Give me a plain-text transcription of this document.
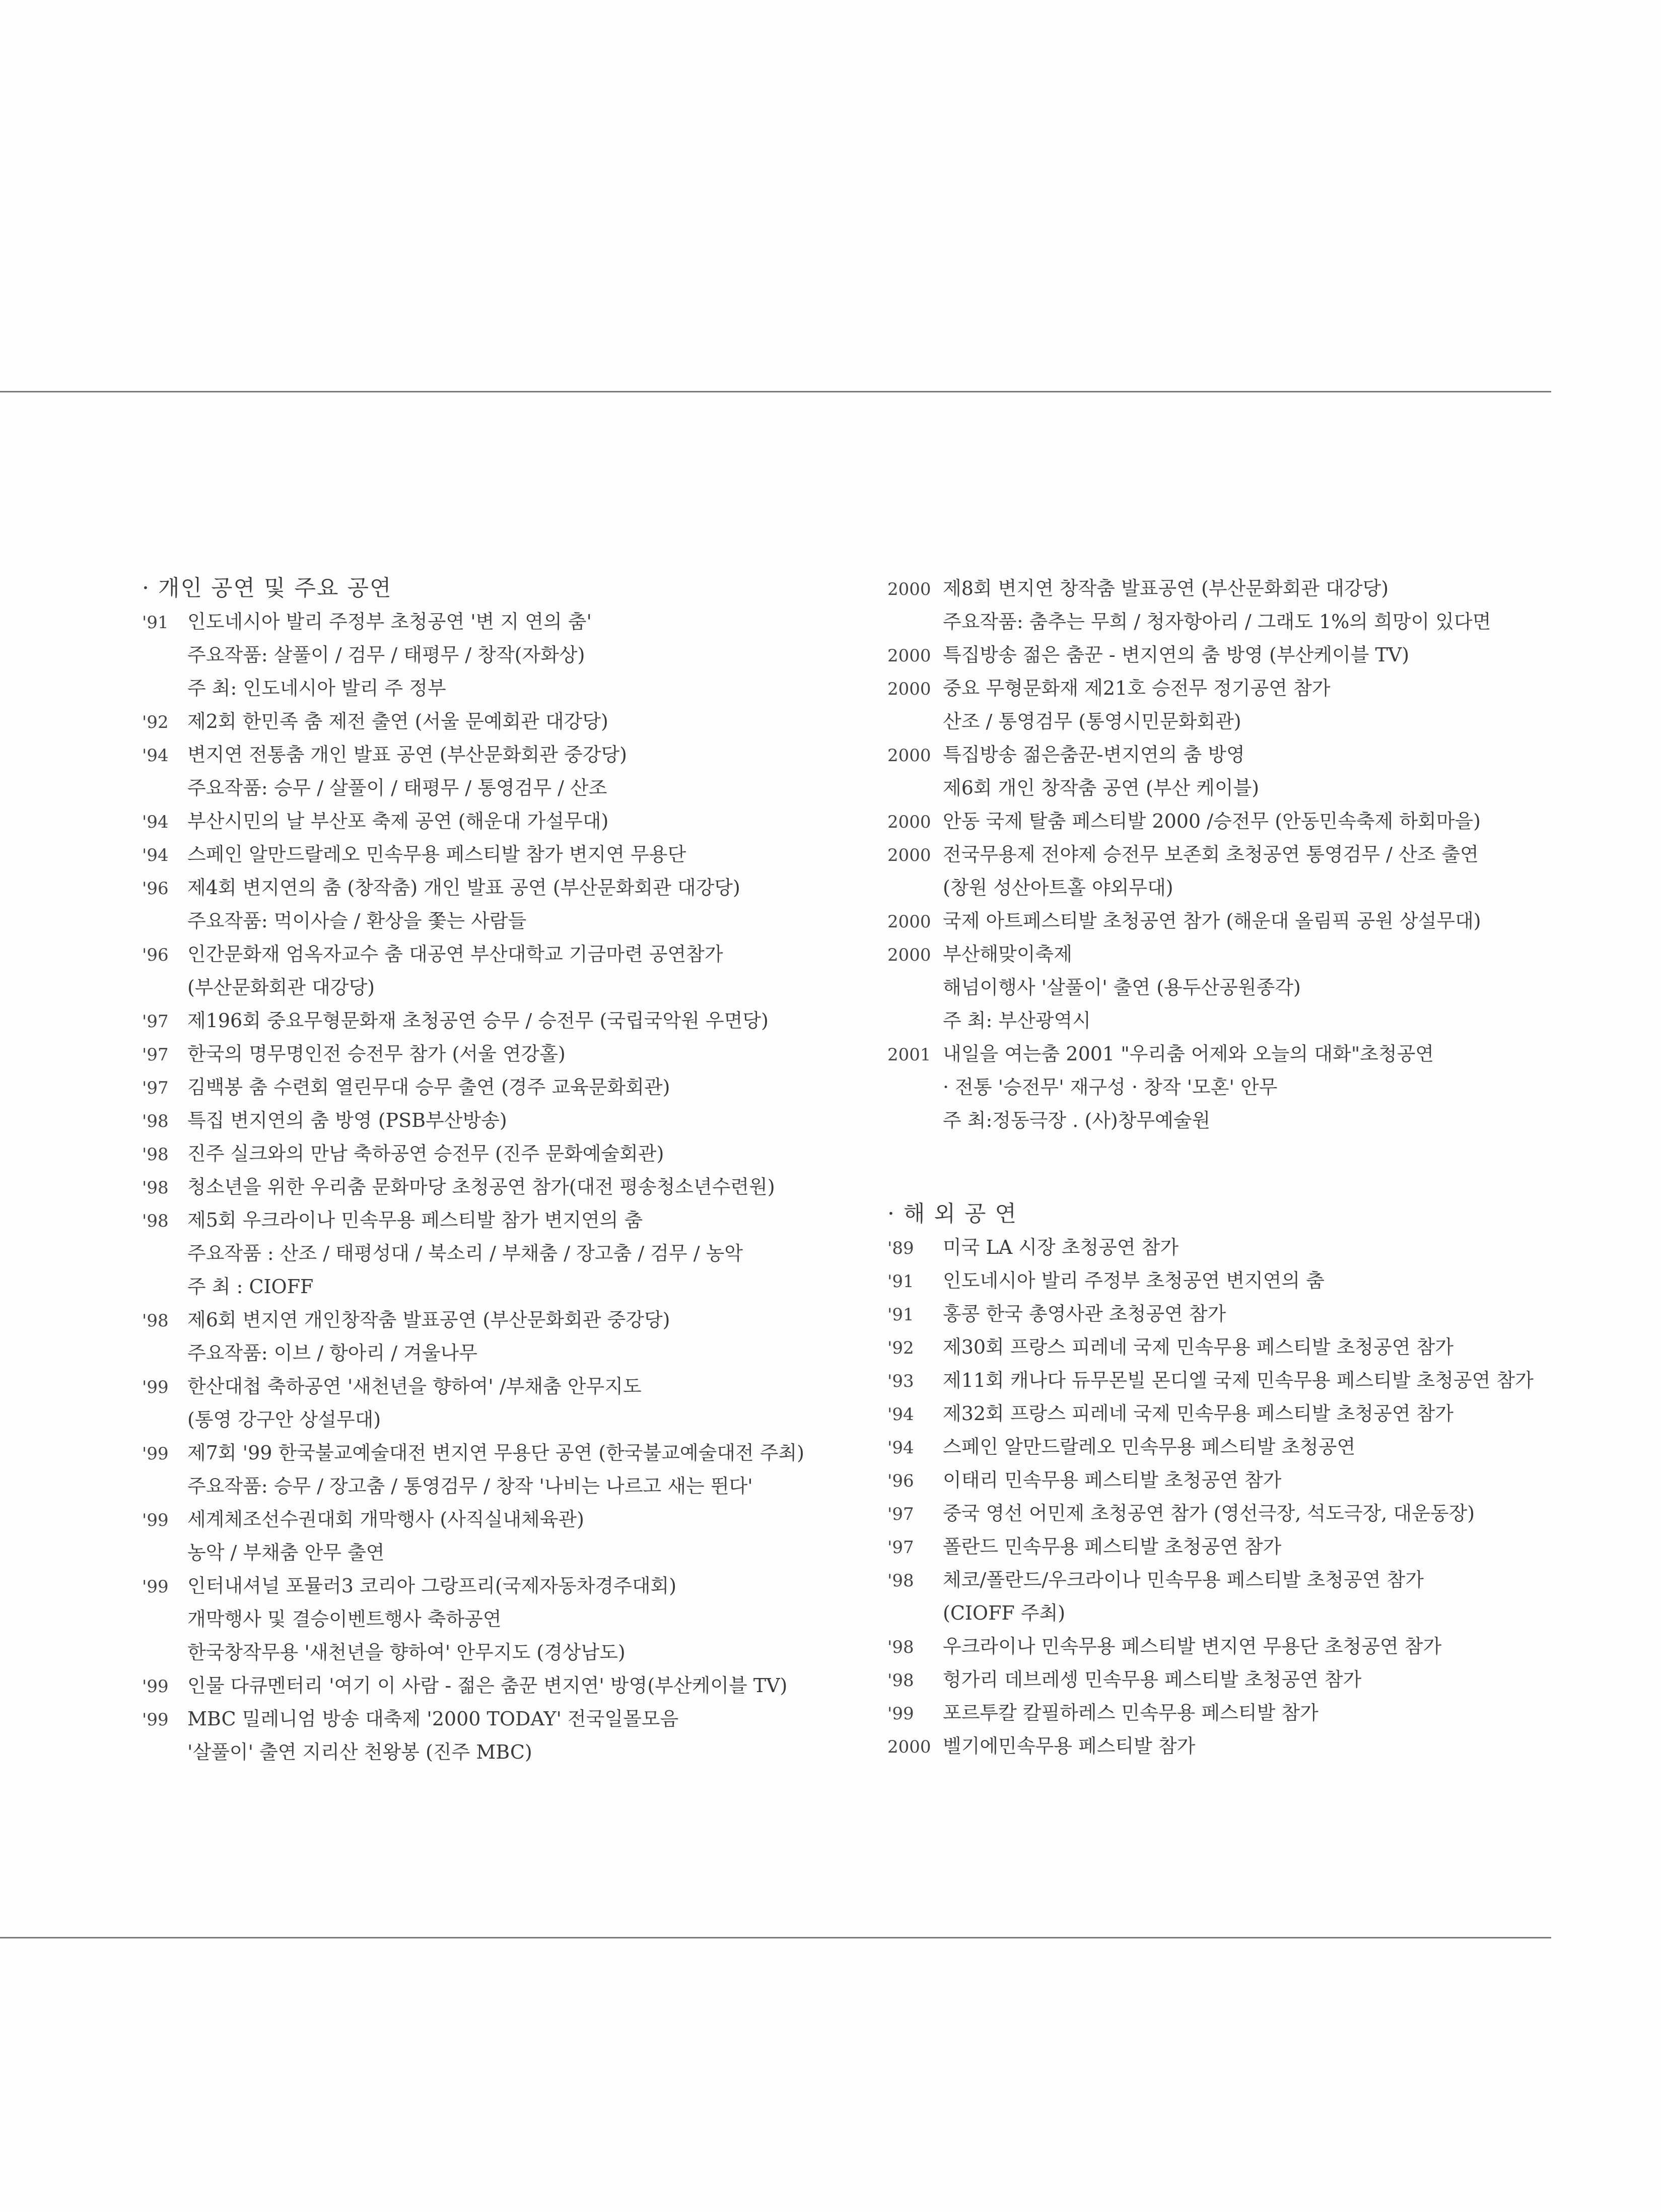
· 개인 공연 및 주요 공연
'91 인도네시아 발리 주정부 초청공연 '변 지 연의 춤'
주요작품: 살풀이 / 검무 / 태평무 / 창작(자화상)
주 최: 인도네시아 발리 주 정부
'92 제2회 한민족 춤 제전 출연 (서울 문예회관 대강당)
'94 변지연 전통춤 개인 발표 공연 (부산문화회관 중강당)
주요작품: 승무 / 살풀이 / 태평무 / 통영검무 / 산조
'94 부산시민의 날 부산포 축제 공연 (해운대 가설무대)
'94 스페인 알만드랄레오 민속무용 페스티발 참가 변지연 무용단
'96 제4회 변지연의 춤 (창작춤) 개인 발표 공연 (부산문화회관 대강당)
주요작품: 먹이사슬 / 환상을 쫓는 사람들
'96 인간문화재 엄옥자교수 춤 대공연 부산대학교 기금마련 공연참가
(부산문화회관 대강당)
'97 제196회 중요무형문화재 초청공연 승무 / 승전무 (국립국악원 우면당)
'97 한국의 명무명인전 승전무 참가 (서울 연강홀)
'97 김백봉 춤 수련회 열린무대 승무 출연 (경주 교육문화회관)
'98 특집 변지연의 춤 방영 (PSB부산방송)
'98 진주 실크와의 만남 축하공연 승전무 (진주 문화예술회관)
'98 청소년을 위한 우리춤 문화마당 초청공연 참가(대전 평송청소년수련원)
'98 제5회 우크라이나 민속무용 페스티발 참가 변지연의 춤
주요작품 : 산조 / 태평성대 / 북소리 / 부채춤 / 장고춤 / 검무 / 농악
주 최 : CIOFF
'98 제6회 변지연 개인창작춤 발표공연 (부산문화회관 중강당)
주요작품: 이브 / 항아리 / 겨울나무
'99 한산대첩 축하공연 '새천년을 향하여' /부채춤 안무지도
(통영 강구안 상설무대)
'99 제7회 '99 한국불교예술대전 변지연 무용단 공연 (한국불교예술대전 주최)
주요작품: 승무 / 장고춤 / 통영검무 / 창작 '나비는 나르고 새는 뛴다'
'99 세계체조선수권대회 개막행사 (사직실내체육관)
농악 / 부채춤 안무 출연
'99 인터내셔널 포뮬러3 코리아 그랑프리(국제자동차경주대회)
개막행사 및 결승이벤트행사 축하공연
한국창작무용 '새천년을 향하여' 안무지도 (경상남도)
'99 인물 다큐멘터리 '여기 이 사람 - 젊은 춤꾼 변지연' 방영(부산케이블 TV)
'99 MBC 밀레니엄 방송 대축제 '2000 TODAY' 전국일몰모음
'살풀이' 출연 지리산 천왕봉 (진주 MBC)
2000 제8회 변지연 창작춤 발표공연 (부산문화회관 대강당)
주요작품: 춤추는 무희 / 청자항아리 / 그래도 1%의 희망이 있다면
2000 특집방송 젊은 춤꾼 - 변지연의 춤 방영 (부산케이블 TV)
2000 중요 무형문화재 제21호 승전무 정기공연 참가
산조 / 통영검무 (통영시민문화회관)
2000 특집방송 젊은춤꾼-변지연의 춤 방영
제6회 개인 창작춤 공연 (부산 케이블)
2000 안동 국제 탈춤 페스티발 2000 /승전무 (안동민속축제 하회마을)
2000 전국무용제 전야제 승전무 보존회 초청공연 통영검무 / 산조 출연
(창원 성산아트홀 야외무대)
2000 국제 아트페스티발 초청공연 참가 (해운대 올림픽 공원 상설무대)
2000 부산해맞이축제
해넘이행사 '살풀이' 출연 (용두산공원종각)
주 최: 부산광역시
2001 내일을 여는춤 2001 "우리춤 어제와 오늘의 대화"초청공연
· 전통 '승전무' 재구성 · 창작 '모혼' 안무
주 최:정동극장 . (사)창무예술원
· 해 외 공 연
'89	미국 LA 시장 초청공연 참가
'91	인도네시아 발리 주정부 초청공연 변지연의 춤
'91	홍콩 한국 총영사관 초청공연 참가
'92	제30회 프랑스 피레네 국제 민속무용 페스티발 초청공연 참가
'93	제11회 캐나다 듀무몬빌 몬디엘 국제 민속무용 페스티발 초청공연 참가
'94	제32회 프랑스 피레네 국제 민속무용 페스티발 초청공연 참가
'94	스페인 알만드랄레오 민속무용 페스티발 초청공연
'96	이태리 민속무용 페스티발 초청공연 참가
'97	중국 영선 어민제 초청공연 참가 (영선극장, 석도극장, 대운동장)
'97	폴란드 민속무용 페스티발 초청공연 참가
'98	체코/폴란드/우크라이나 민속무용 페스티발 초청공연 참가
(CIOFF 주최)
'98	우크라이나 민속무용 페스티발 변지연 무용단 초청공연 참가
'98	헝가리 데브레셍 민속무용 페스티발 초청공연 참가
'99	포르투칼 칼필하레스 민속무용 페스티발 참가
2000 벨기에민속무용 페스티발 참가
